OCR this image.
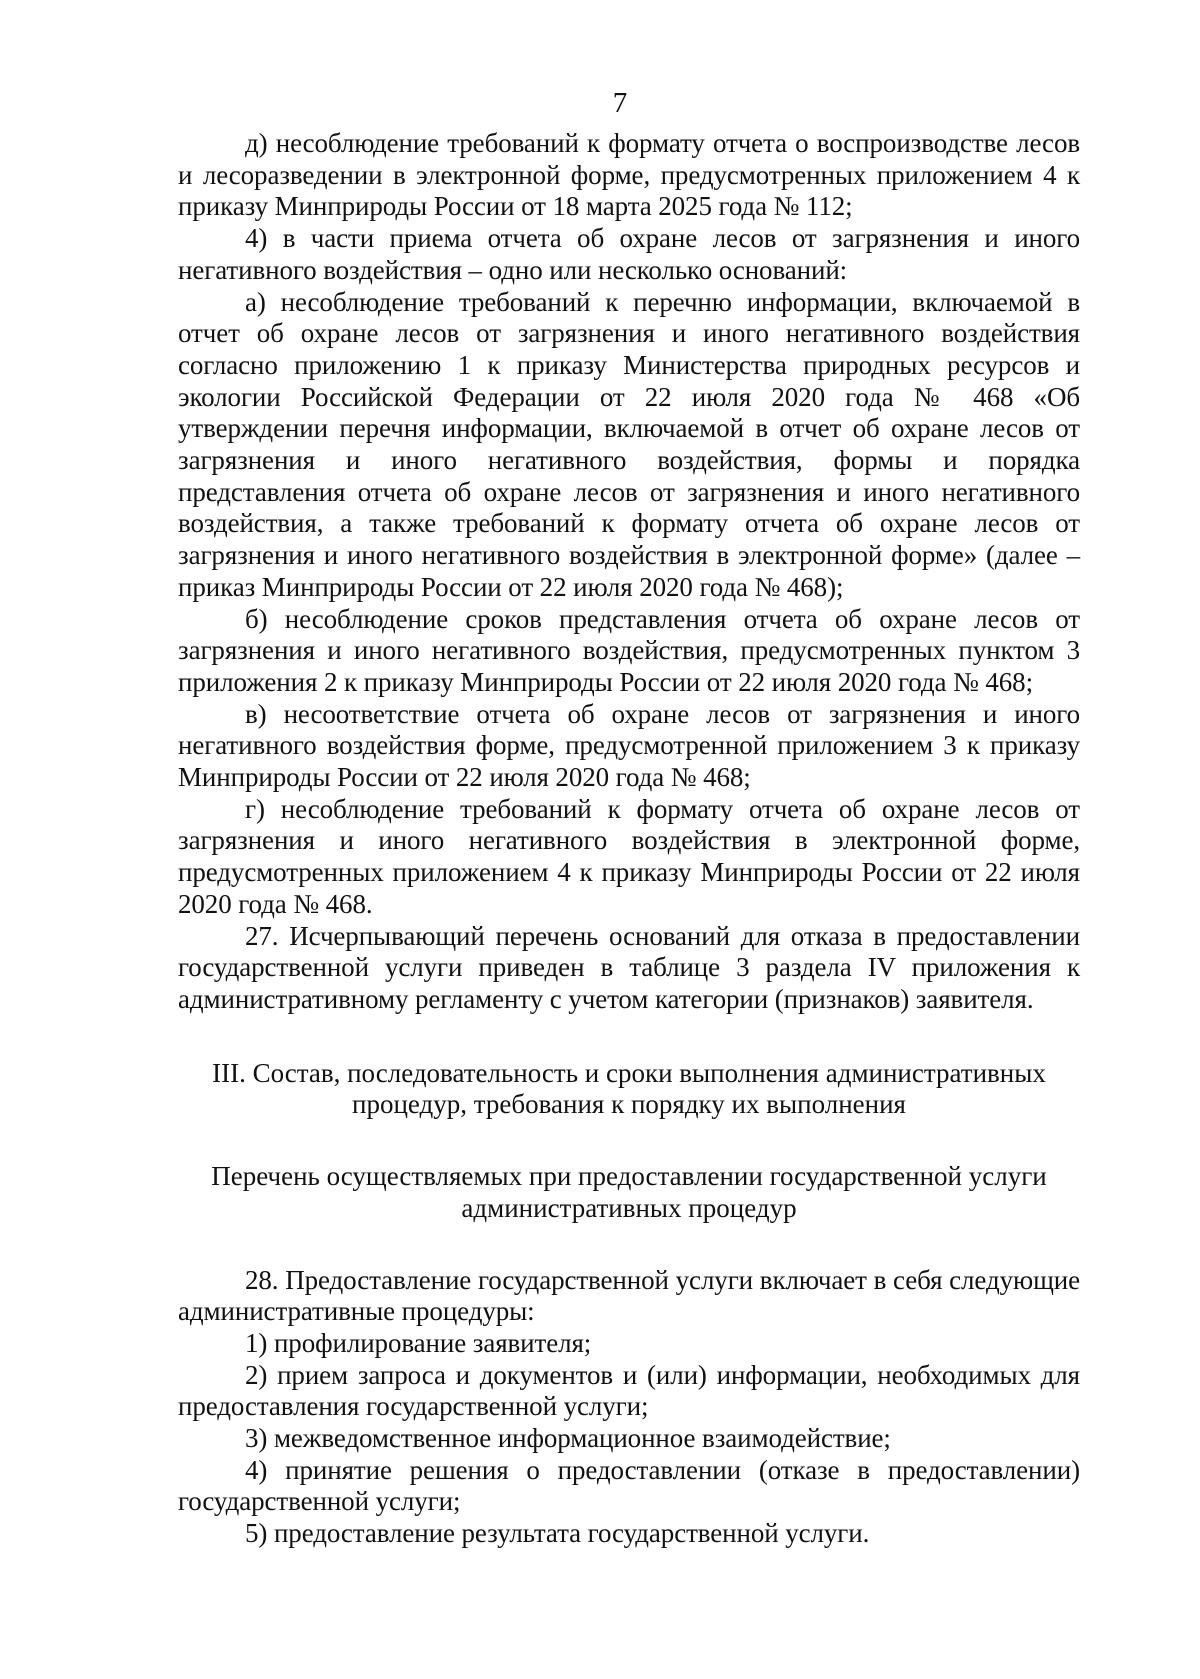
7

д) несоблюдение требований к формату отчета о воспроизводстве лесов и лесоразведении в электронной форме, предусмотренных приложением 4 к приказу Минприроды России от 18 марта 2025 года № 112;

4) в части приема отчета об охране лесов от загрязнения и иного негативного воздействия – одно или несколько оснований:

а) несоблюдение требований к перечню информации, включаемой в отчет об охране лесов от загрязнения и иного негативного воздействия согласно приложению 1 к приказу Министерства природных ресурсов и экологии Российской Федерации от 22 июля 2020 года № 468 «Об утверждении перечня информации, включаемой в отчет об охране лесов от загрязнения и иного негативного воздействия, формы и порядка представления отчета об охране лесов от загрязнения и иного негативного воздействия, а также требований к формату отчета об охране лесов от загрязнения и иного негативного воздействия в электронной форме» (далее – приказ Минприроды России от 22 июля 2020 года № 468);

б) несоблюдение сроков представления отчета об охране лесов от загрязнения и иного негативного воздействия, предусмотренных пунктом 3 приложения 2 к приказу Минприроды России от 22 июля 2020 года № 468;

в) несоответствие отчета об охране лесов от загрязнения и иного негативного воздействия форме, предусмотренной приложением 3 к приказу Минприроды России от 22 июля 2020 года № 468;

г) несоблюдение требований к формату отчета об охране лесов от загрязнения и иного негативного воздействия в электронной форме, предусмотренных приложением 4 к приказу Минприроды России от 22 июля 2020 года № 468.

27. Исчерпывающий перечень оснований для отказа в предоставлении государственной услуги приведен в таблице 3 раздела IV приложения к административному регламенту с учетом категории (признаков) заявителя.

III. Состав, последовательность и сроки выполнения административных
процедур, требования к порядку их выполнения
Перечень осуществляемых при предоставлении государственной услуги
административных процедур

28. Предоставление государственной услуги включает в себя следующие административные процедуры:

1) профилирование заявителя;

2) прием запроса и документов и (или) информации, необходимых для предоставления государственной услуги;

3) межведомственное информационное взаимодействие;

4) принятие решения о предоставлении (отказе в предоставлении) государственной услуги;

5) предоставление результата государственной услуги.
